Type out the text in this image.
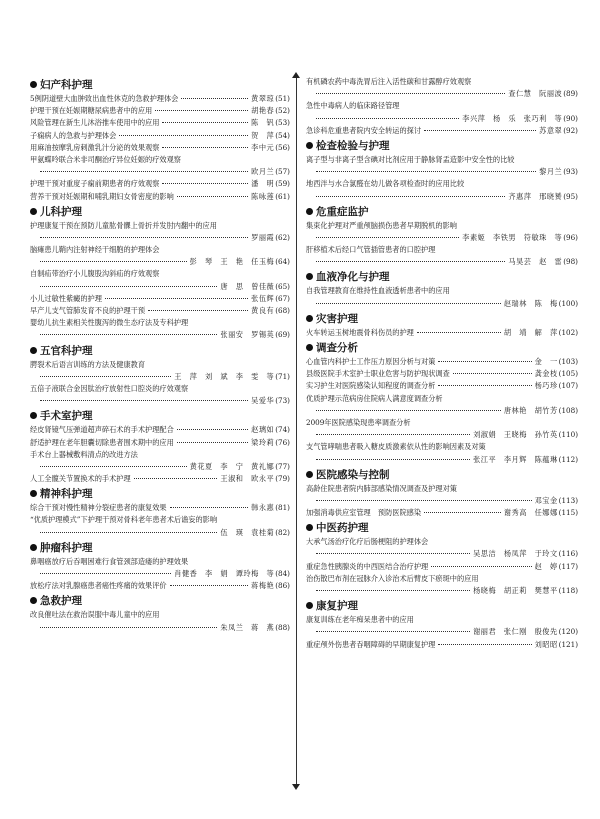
妇产科护理
5例阴道壁大血肿致出血性休克的急救护理体会	黄翠琼(51)
护理干预在妊娠期糖尿病患者中的应用	胡艳春(52)
风险管理在新生儿沐浴推车使用中的应用	陈　钒(53)
子痫病人的急救与护理体会	贺　萍(54)
用麻油按摩乳房刺激乳汁分泌的效果观察	李中元(56)
甲氨蝶呤联合米非司酮治疗异位妊娠的疗效观察
欧月兰(57)
护理干预对重度子痫前期患者的疗效观察	潘　明(59)
营养干预对妊娠期和哺乳期妇女骨密度的影响	陈咏莲(61)
儿科护理
护理康复干预在预防儿童肱骨髁上骨折并发肘内翻中的应用
罗丽霞(62)
脑瘫患儿鞘内注射神经干细胞的护理体会
彭　琴　王　艳　任玉梅(64)
自制疝带治疗小儿腹股沟斜疝的疗效观察
唐　思　曾佳薇(65)
小儿过敏性紫癜的护理	张伍辉(67)
早产儿支气管肺发育不良的护理干预	黄良有(68)
婴幼儿抗生素相关性腹泻的微生态疗法及专科护理
张丽安　罗锡英(69)
五官科护理
腭裂术后语言训练的方法及健康教育
王　萍　刘　斌　李　雯　等(71)
五倍子液联合金因肽治疗放射性口腔炎的疗效观察
吴爱华(73)
手术室护理
经皮肾镜气压弹道超声碎石术的手术护理配合	赵璃如(74)
舒适护理在老年胆囊切除患者围术期中的应用	梁玲莉(76)
手术台上器械敷料清点的改进方法
黄花夏　李　宁　黄礼娜(77)
人工全髋关节置换术的手术护理	王淑和　欧永平(79)
精神科护理
综合干预对慢性精神分裂症患者的康复效果	韩永惠(81)
“优质护理模式”下护理干预对骨科老年患者术后谵妄的影响
伍　瑛　袁桂菊(82)
肿瘤科护理
鼻咽癌放疗后吞咽困难行食管颈部造瘘的护理效果
肖健香　李　娟　谭玲梅　等(84)
放松疗法对乳腺癌患者癌性疼痛的效果评价	蒋梅艳(86)
急救护理
改良催吐法在救治误服中毒儿童中的应用
朱凤兰　蒋　燕(88)
有机磷农药中毒洗胃后注入活性碳和甘露醇疗效观察
查仁慧　阮丽波(89)
急性中毒病人的临床路径管理
李兴萍　杨　乐　张巧利　等(90)
急诊科危重患者院内安全转运的探讨	苏意翠(92)
检查检验与护理
离子型与非离子型含碘对比剂应用于静脉肾盂造影中安全性的比较
黎月兰(93)
地西泮与水合氯醛在幼儿做各项检查时的应用比较
齐惠萍　邢晓赟(95)
危重症监护
集束化护理对严重颅脑损伤患者早期脱机的影响
李素姬　李铁男　符敏珠　等(96)
肝移植术后经口气管插管患者的口腔护理
马昊芸　赵　雷(98)
血液净化与护理
自我管理教育在维持性血液透析患者中的应用
赵瑞林　陈　梅(100)
灾害护理
火车转运玉树地震骨科伤员的护理	胡　靖　解　萍(102)
调查分析
心血管内科护士工作压力原因分析与对策	金　一(103)
县级医院手术室护士职业危害与防护现状调查	龚金枝(105)
实习护生对医院感染认知程度的调查分析	杨巧珍(107)
优质护理示范病房住院病人满意度调查分析
唐林艳　胡竹芳(108)
2009年医院感染现患率调查分析
刘淑娟　王晓梅　孙竹英(110)
支气管哮喘患者吸入糖皮质激素依从性的影响因素及对策
张江平　李月辉　陈蕴琳(112)
医院感染与控制
高龄住院患者院内肺部感染情况调查及护理对策
邓宝金(113)
加强消毒供应室管理　预防医院感染	谢秀高　任娜娜(115)
中医药护理
大承气汤治疗化疗后肠梗阻的护理体会
吴思洁　杨凤萍　于玲文(116)
重症急性胰腺炎的中西医结合治疗护理	赵　婷(117)
治伤散巴布剂在冠脉介入诊治术后臂皮下瘀斑中的应用
杨晓梅　胡正莉　樊慧平(118)
康复护理
康复训练在老年痴呆患者中的应用
谢丽君　张仁刚　殷俊先(120)
重症颅外伤患者吞咽障碍的早期康复护理	刘昭昭(121)
